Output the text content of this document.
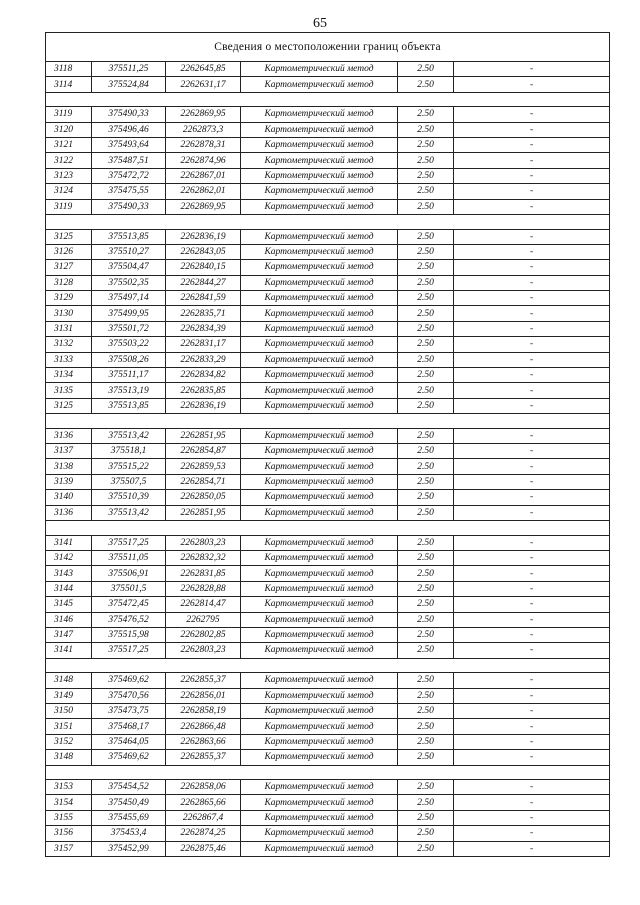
65
Сведения о местоположении границ объекта					
3118	375511,25	2262645,85	Картометрический метод	2.50	-
3114	375524,84	2262631,17	Картометрический метод	2.50	-

3119	375490,33	2262869,95	Картометрический метод	2.50	-
3120	375496,46	2262873,3	Картометрический метод	2.50	-
3121	375493,64	2262878,31	Картометрический метод	2.50	-
3122	375487,51	2262874,96	Картометрический метод	2.50	-
3123	375472,72	2262867,01	Картометрический метод	2.50	-
3124	375475,55	2262862,01	Картометрический метод	2.50	-
3119	375490,33	2262869,95	Картометрический метод	2.50	-

3125	375513,85	2262836,19	Картометрический метод	2.50	-
3126	375510,27	2262843,05	Картометрический метод	2.50	-
3127	375504,47	2262840,15	Картометрический метод	2.50	-
3128	375502,35	2262844,27	Картометрический метод	2.50	-
3129	375497,14	2262841,59	Картометрический метод	2.50	-
3130	375499,95	2262835,71	Картометрический метод	2.50	-
3131	375501,72	2262834,39	Картометрический метод	2.50	-
3132	375503,22	2262831,17	Картометрический метод	2.50	-
3133	375508,26	2262833,29	Картометрический метод	2.50	-
3134	375511,17	2262834,82	Картометрический метод	2.50	-
3135	375513,19	2262835,85	Картометрический метод	2.50	-
3125	375513,85	2262836,19	Картометрический метод	2.50	-

3136	375513,42	2262851,95	Картометрический метод	2.50	-
3137	375518,1	2262854,87	Картометрический метод	2.50	-
3138	375515,22	2262859,53	Картометрический метод	2.50	-
3139	375507,5	2262854,71	Картометрический метод	2.50	-
3140	375510,39	2262850,05	Картометрический метод	2.50	-
3136	375513,42	2262851,95	Картометрический метод	2.50	-

3141	375517,25	2262803,23	Картометрический метод	2.50	-
3142	375511,05	2262832,32	Картометрический метод	2.50	-
3143	375506,91	2262831,85	Картометрический метод	2.50	-
3144	375501,5	2262828,88	Картометрический метод	2.50	-
3145	375472,45	2262814,47	Картометрический метод	2.50	-
3146	375476,52	2262795	Картометрический метод	2.50	-
3147	375515,98	2262802,85	Картометрический метод	2.50	-
3141	375517,25	2262803,23	Картометрический метод	2.50	-

3148	375469,62	2262855,37	Картометрический метод	2.50	-
3149	375470,56	2262856,01	Картометрический метод	2.50	-
3150	375473,75	2262858,19	Картометрический метод	2.50	-
3151	375468,17	2262866,48	Картометрический метод	2.50	-
3152	375464,05	2262863,66	Картометрический метод	2.50	-
3148	375469,62	2262855,37	Картометрический метод	2.50	-

3153	375454,52	2262858,06	Картометрический метод	2.50	-
3154	375450,49	2262865,66	Картометрический метод	2.50	-
3155	375455,69	2262867,4	Картометрический метод	2.50	-
3156	375453,4	2262874,25	Картометрический метод	2.50	-
3157	375452,99	2262875,46	Картометрический метод	2.50	-
